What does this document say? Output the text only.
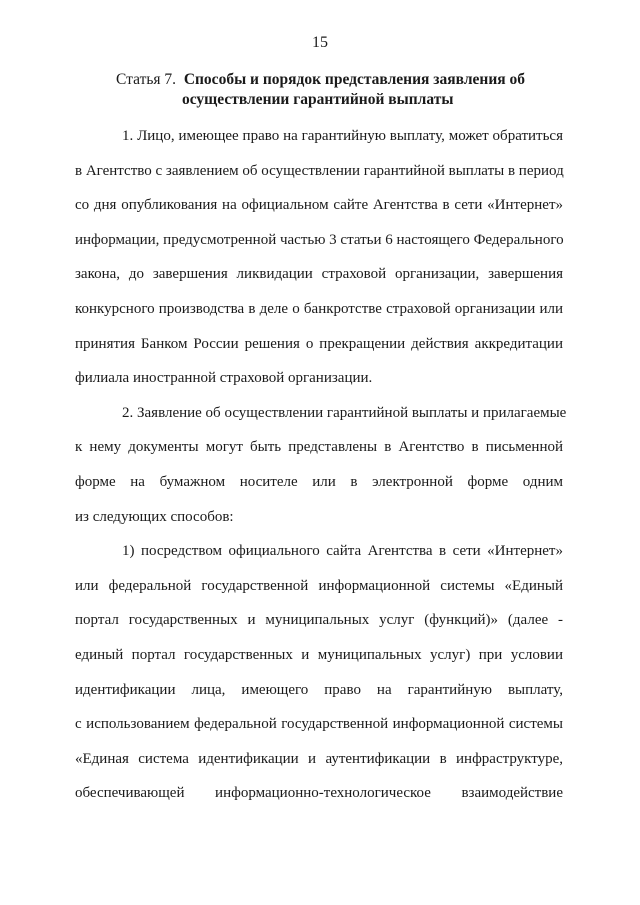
15
Статья 7. Способы и порядок представления заявления об
осуществлении гарантийной выплаты
1. Лицо, имеющее право на гарантийную выплату, может обратиться
в Агентство с заявлением об осуществлении гарантийной выплаты в период
со дня опубликования на официальном сайте Агентства в сети «Интернет»
информации, предусмотренной частью 3 статьи 6 настоящего Федерального
закона, до завершения ликвидации страховой организации, завершения
конкурсного производства в деле о банкротстве страховой организации или
принятия Банком России решения о прекращении действия аккредитации
филиала иностранной страховой организации.
2. Заявление об осуществлении гарантийной выплаты и прилагаемые
к нему документы могут быть представлены в Агентство в письменной
форме на бумажном носителе или в электронной форме одним
из следующих способов:
1) посредством официального сайта Агентства в сети «Интернет»
или федеральной государственной информационной системы «Единый
портал государственных и муниципальных услуг (функций)» (далее -
единый портал государственных и муниципальных услуг) при условии
идентификации лица, имеющего право на гарантийную выплату,
с использованием федеральной государственной информационной системы
«Единая система идентификации и аутентификации в инфраструктуре,
обеспечивающей информационно-технологическое взаимодействие
